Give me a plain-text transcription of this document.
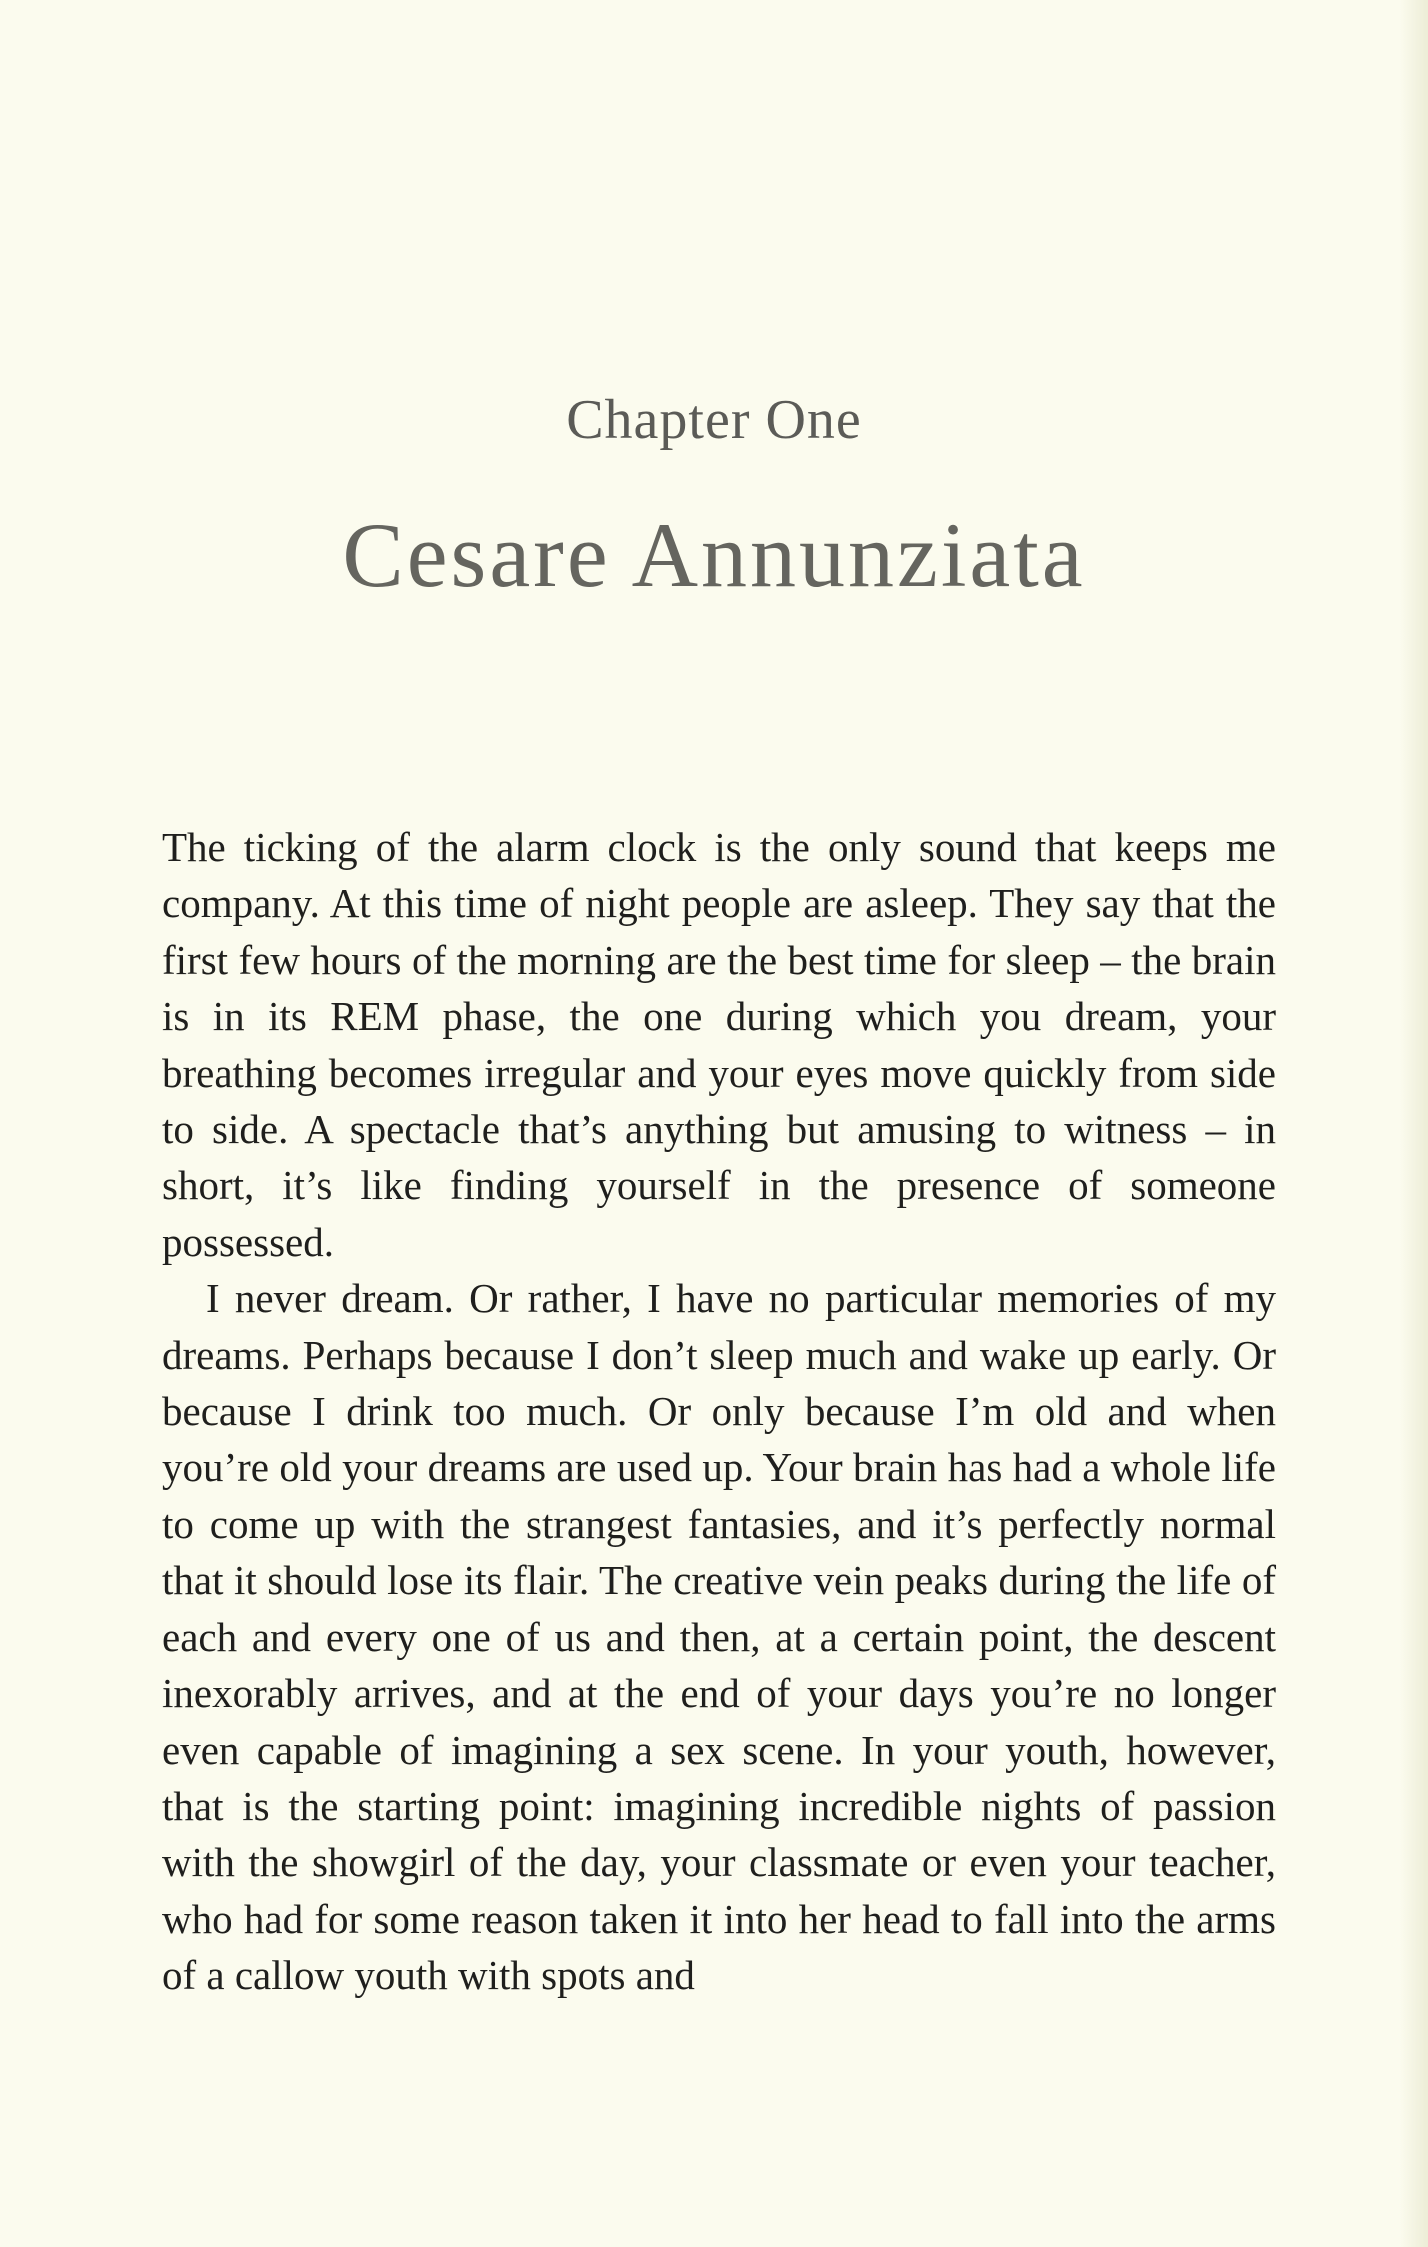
Chapter One
Cesare Annunziata

The ticking of the alarm clock is the only sound that keeps me company. At this time of night people are asleep. They say that the first few hours of the morning are the best time for sleep – the brain is in its REM phase, the one during which you dream, your breathing becomes irregular and your eyes move quickly from side to side. A spectacle that’s anything but amusing to witness – in short, it’s like finding yourself in the presence of someone possessed.

I never dream. Or rather, I have no particular memories of my dreams. Perhaps because I don’t sleep much and wake up early. Or because I drink too much. Or only because I’m old and when you’re old your dreams are used up. Your brain has had a whole life to come up with the strangest fantasies, and it’s perfectly normal that it should lose its flair. The creative vein peaks during the life of each and every one of us and then, at a certain point, the descent inexorably arrives, and at the end of your days you’re no longer even capable of imagining a sex scene. In your youth, however, that is the starting point: imagining incredible nights of passion with the showgirl of the day, your classmate or even your teacher, who had for some reason taken it into her head to fall into the arms of a callow youth with spots and
